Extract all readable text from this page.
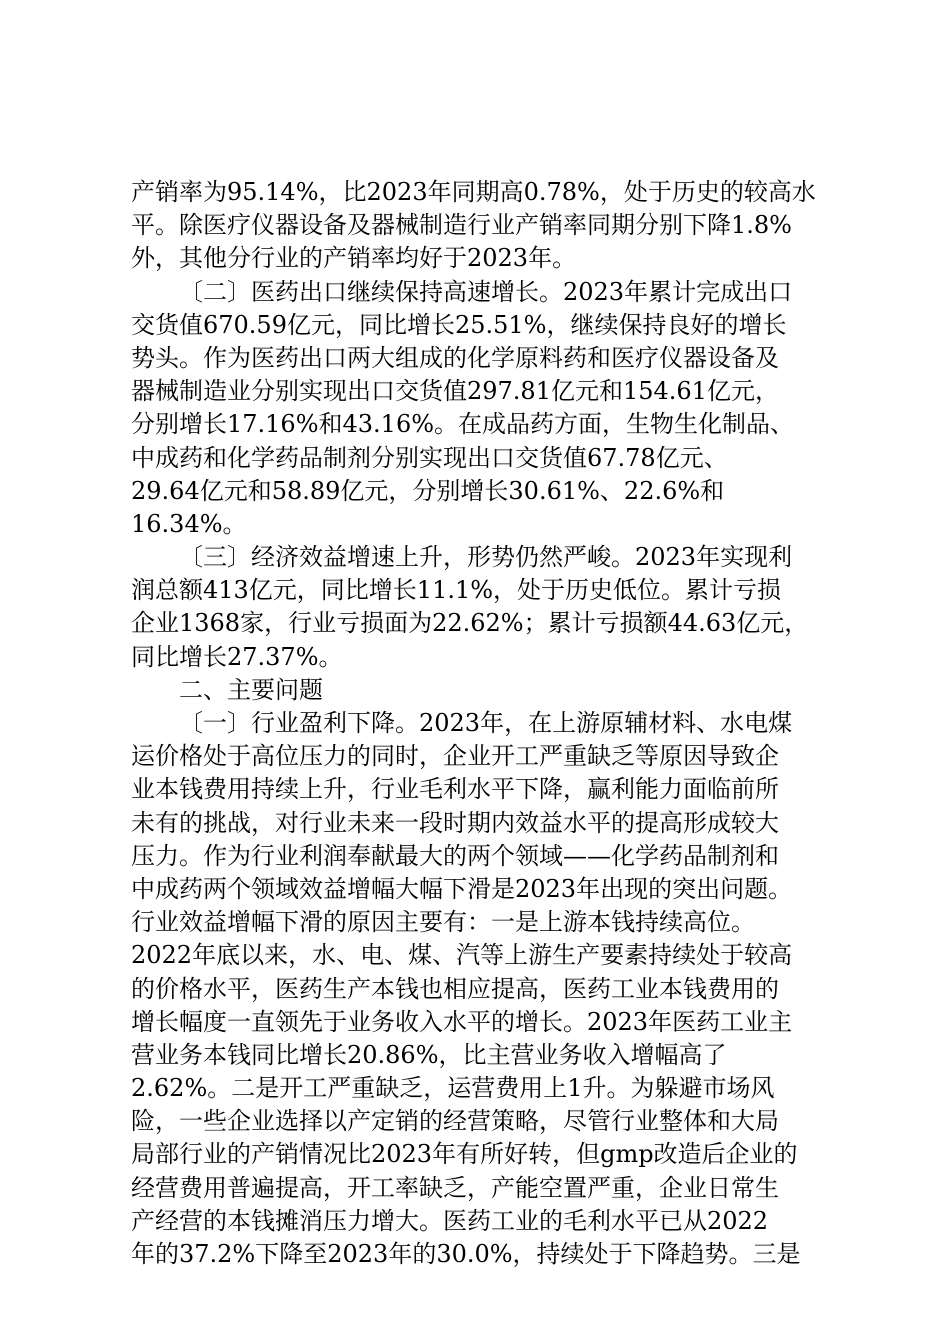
产销率为95.14%，比2023年同期高0.78%，处于历史的较高水
平。除医疗仪器设备及器械制造行业产销率同期分别下降1.8%
外，其他分行业的产销率均好于2023年。
〔二〕医药出口继续保持高速增长。2023年累计完成出口
交货值670.59亿元，同比增长25.51%，继续保持良好的增长
势头。作为医药出口两大组成的化学原料药和医疗仪器设备及
器械制造业分别实现出口交货值297.81亿元和154.61亿元，
分别增长17.16%和43.16%。在成品药方面，生物生化制品、
中成药和化学药品制剂分别实现出口交货值67.78亿元、
29.64亿元和58.89亿元，分别增长30.61%、22.6%和
16.34%。
〔三〕经济效益增速上升，形势仍然严峻。2023年实现利
润总额413亿元，同比增长11.1%，处于历史低位。累计亏损
企业1368家，行业亏损面为22.62%；累计亏损额44.63亿元，
同比增长27.37%。
二、主要问题
〔一〕行业盈利下降。2023年，在上游原辅材料、水电煤
运价格处于高位压力的同时，企业开工严重缺乏等原因导致企
业本钱费用持续上升，行业毛利水平下降，赢利能力面临前所
未有的挑战，对行业未来一段时期内效益水平的提高形成较大
压力。作为行业利润奉献最大的两个领域——化学药品制剂和
中成药两个领域效益增幅大幅下滑是2023年出现的突出问题。
行业效益增幅下滑的原因主要有：一是上游本钱持续高位。
2022年底以来，水、电、煤、汽等上游生产要素持续处于较高
的价格水平，医药生产本钱也相应提高，医药工业本钱费用的
增长幅度一直领先于业务收入水平的增长。2023年医药工业主
营业务本钱同比增长20.86%，比主营业务收入增幅高了
2.62%。二是开工严重缺乏，运营费用上1升。为躲避市场风
险，一些企业选择以产定销的经营策略，尽管行业整体和大局
局部行业的产销情况比2023年有所好转，但gmp改造后企业的
经营费用普遍提高，开工率缺乏，产能空置严重，企业日常生
产经营的本钱摊消压力增大。医药工业的毛利水平已从2022
年的37.2%下降至2023年的30.0%，持续处于下降趋势。三是
